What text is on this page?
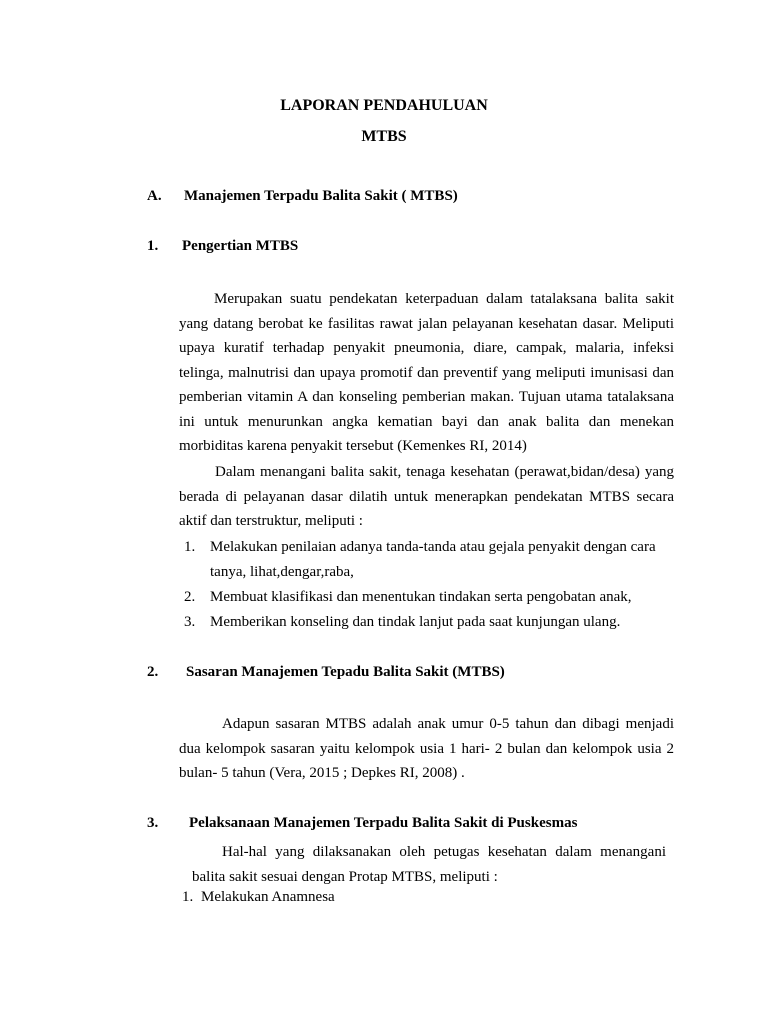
LAPORAN PENDAHULUAN
MTBS
A. Manajemen Terpadu Balita Sakit ( MTBS)
1. Pengertian MTBS
Merupakan suatu pendekatan keterpaduan dalam tatalaksana balita sakit yang datang berobat ke fasilitas rawat jalan pelayanan kesehatan dasar. Meliputi upaya kuratif terhadap penyakit pneumonia, diare, campak, malaria, infeksi telinga, malnutrisi dan upaya promotif dan preventif yang meliputi imunisasi dan pemberian vitamin A dan konseling pemberian makan. Tujuan utama tatalaksana ini untuk menurunkan angka kematian bayi dan anak balita dan menekan morbiditas karena penyakit tersebut (Kemenkes RI, 2014)
Dalam menangani balita sakit, tenaga kesehatan (perawat,bidan/desa) yang berada di pelayanan dasar dilatih untuk menerapkan pendekatan MTBS secara aktif dan terstruktur, meliputi :
1. Melakukan penilaian adanya tanda-tanda atau gejala penyakit dengan cara
tanya, lihat,dengar,raba,
2. Membuat klasifikasi dan menentukan tindakan serta pengobatan anak,
3. Memberikan konseling dan tindak lanjut pada saat kunjungan ulang.
2. Sasaran Manajemen Tepadu Balita Sakit (MTBS)
Adapun sasaran MTBS adalah anak umur 0-5 tahun dan dibagi menjadi dua kelompok sasaran yaitu kelompok usia 1 hari- 2 bulan dan kelompok usia 2 bulan- 5 tahun (Vera, 2015 ; Depkes RI, 2008) .
3. Pelaksanaan Manajemen Terpadu Balita Sakit di Puskesmas
Hal-hal yang dilaksanakan oleh petugas kesehatan dalam menangani balita sakit sesuai dengan Protap MTBS, meliputi :
1. Melakukan Anamnesa
